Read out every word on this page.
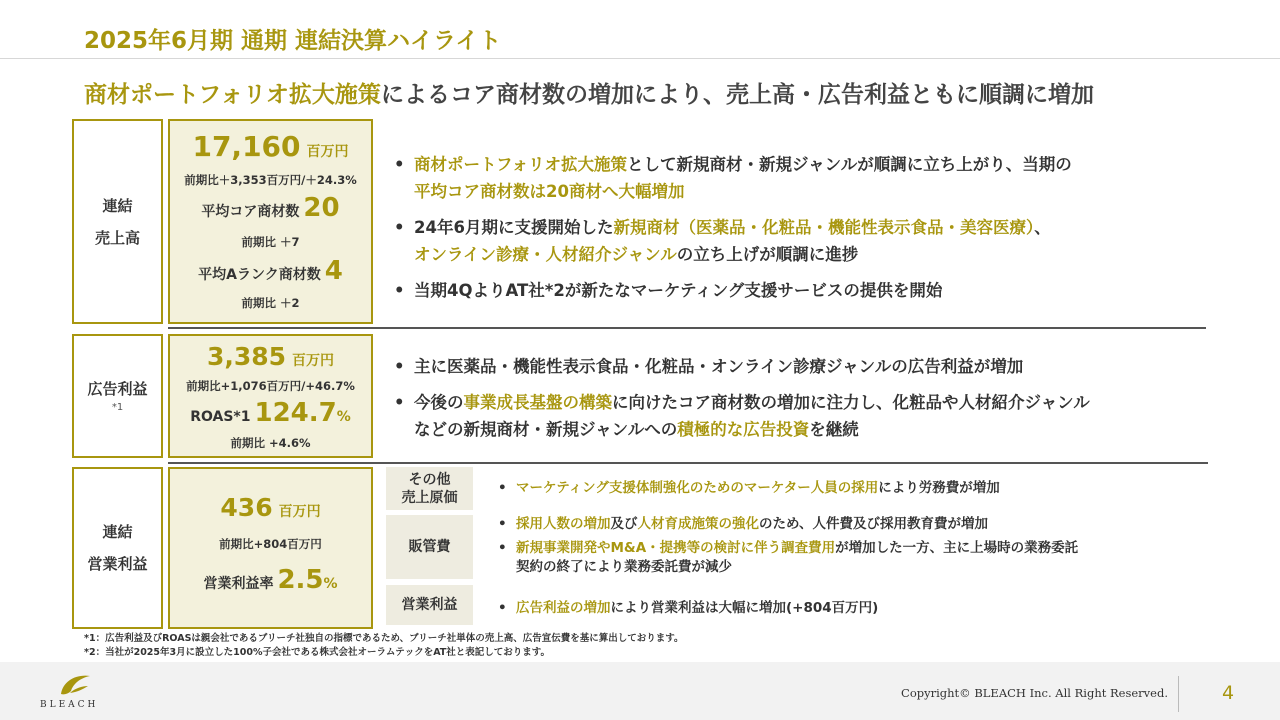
2025年6月期 通期 連結決算ハイライト
商材ポートフォリオ拡大施策によるコア商材数の増加により、売上高・広告利益ともに順調に増加
連結
売上高
17,160 百万円
前期比＋3,353百万円/＋24.3%
平均コア商材数 20
前期比 ＋7
平均Aランク商材数 4
前期比 ＋2
• 商材ポートフォリオ拡大施策として新規商材・新規ジャンルが順調に立ち上がり、当期の
平均コア商材数は20商材へ大幅増加
• 24年6月期に支援開始した新規商材（医薬品・化粧品・機能性表示食品・美容医療）、
オンライン診療・人材紹介ジャンルの立ち上げが順調に進捗
• 当期4QよりAT社*2が新たなマーケティング支援サービスの提供を開始
広告利益
*1
3,385 百万円
前期比+1,076百万円/+46.7%
ROAS*1 124.7%
前期比 +4.6%
• 主に医薬品・機能性表示食品・化粧品・オンライン診療ジャンルの広告利益が増加
• 今後の事業成長基盤の構築に向けたコア商材数の増加に注力し、化粧品や人材紹介ジャンル
などの新規商材・新規ジャンルへの積極的な広告投資を継続
連結
営業利益
436 百万円
前期比+804百万円
営業利益率 2.5%
その他
売上原価
• マーケティング支援体制強化のためのマーケター人員の採用により労務費が増加
販管費
• 採用人数の増加及び人材育成施策の強化のため、人件費及び採用教育費が増加
• 新規事業開発やM&A・提携等の検討に伴う調査費用が増加した一方、主に上場時の業務委託
契約の終了により業務委託費が減少
営業利益
•	広告利益の増加により営業利益は大幅に増加(+804百万円)
*1：広告利益及びROASは親会社であるブリーチ社独自の指標であるため、ブリーチ社単体の売上高、広告宣伝費を基に算出しております。
*2：当社が2025年3月に設立した100%子会社である株式会社オーラムテックをAT社と表記しております。
BLEACH
Copyright© BLEACH Inc. All Right Reserved.	4
